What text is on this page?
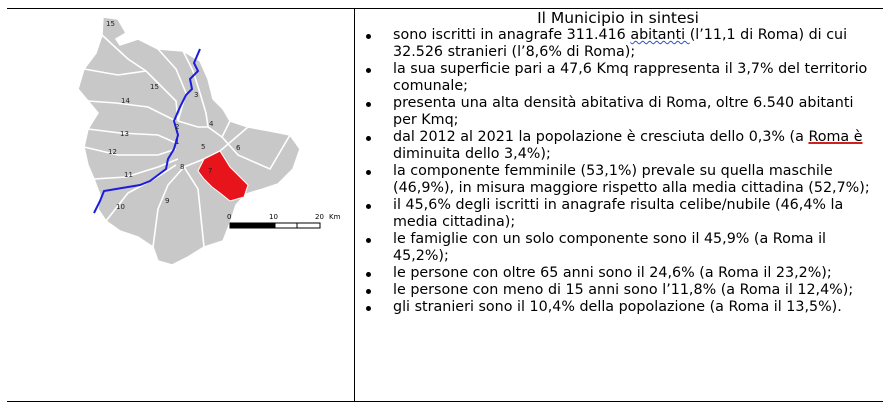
15
15
14
3
2	4
13
1
5	6
12
8	7
11
10
9
0	10	20 Km
Il Municipio in sintesi
sono iscritti in anagrafe 311.416 abitanti (l’11,1 di Roma) di cui 32.526 stranieri (l’8,6% di Roma);
la sua superficie pari a 47,6 Kmq rappresenta il 3,7% del territorio comunale;
presenta una alta densità abitativa di Roma, oltre 6.540 abitanti per Kmq;
dal 2012 al 2021 la popolazione è cresciuta dello 0,3% (a Roma è diminuita dello 3,4%);
la componente femminile (53,1%) prevale su quella maschile (46,9%), in misura maggiore rispetto alla media cittadina (52,7%);
il 45,6% degli iscritti in anagrafe risulta celibe/nubile (46,4% la media cittadina);
le famiglie con un solo componente sono il 45,9% (a Roma il 45,2%);
le persone con oltre 65 anni sono il 24,6% (a Roma il 23,2%);
le persone con meno di 15 anni sono l’11,8% (a Roma il 12,4%);
gli stranieri sono il 10,4% della popolazione (a Roma il 13,5%).
